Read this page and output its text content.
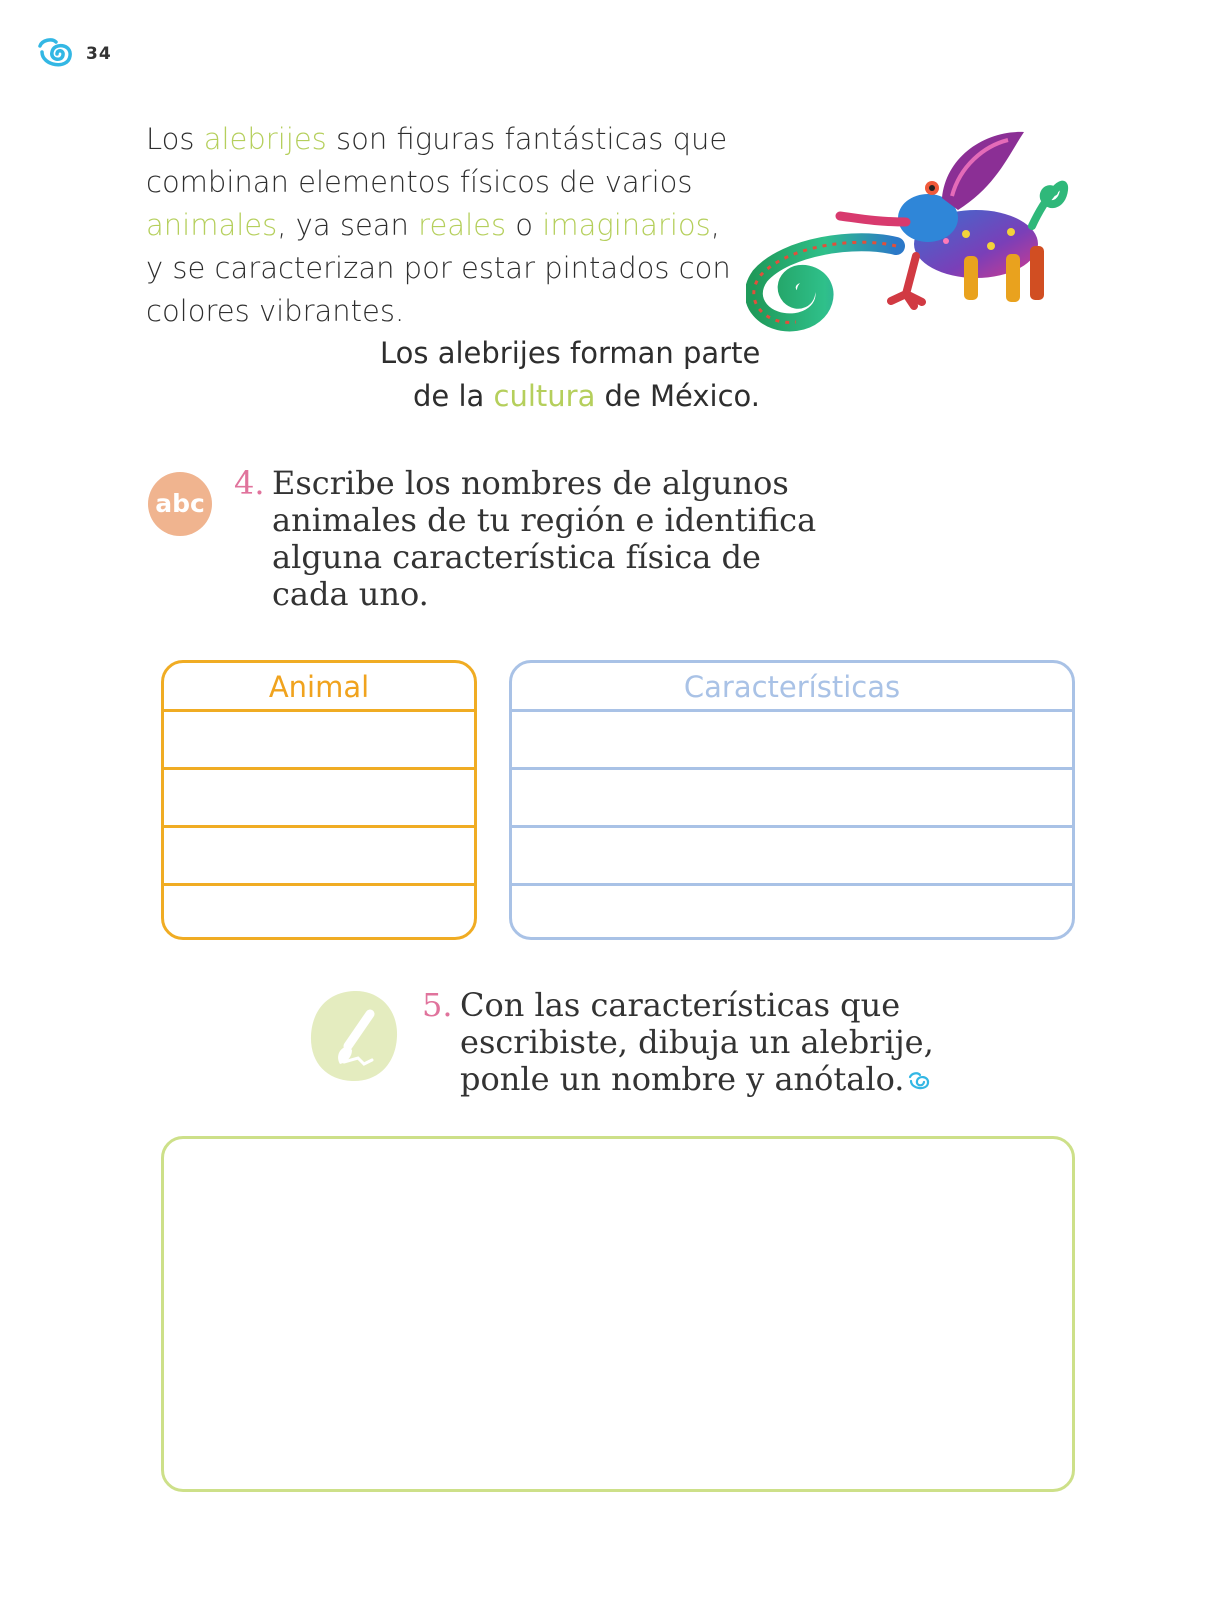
34
Los alebrijes son figuras fantásticas que
combinan elementos físicos de varios
animales, ya sean reales o imaginarios,
y se caracterizan por estar pintados con
colores vibrantes.
Los alebrijes forman parte
de la cultura de México.
abc
4. Escribe los nombres de algunos
animales de tu región e identifica
alguna característica física de
cada uno.
Animal	Características
5. Con las características que
escribiste, dibuja un alebrije,
ponle un nombre y anótalo.
